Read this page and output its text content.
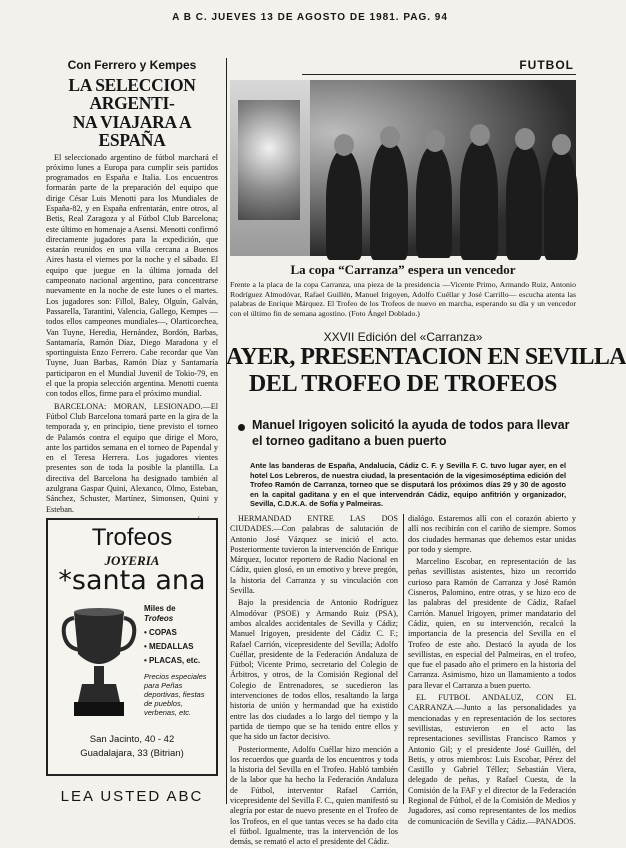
A B C. JUEVES 13 DE AGOSTO DE 1981. PAG. 94
FUTBOL
Con Ferrero y Kempes
LA SELECCION ARGENTI-
NA VIAJARA A ESPAÑA

El seleccionado argentino de fútbol marchará el próximo lunes a Europa para cumplir seis partidos programados en España e Italia. Los encuentros formarán parte de la preparación del equipo que dirige César Luis Menotti para los Mundiales de España-82, y en España enfrentarán, entre otros, al Betis, Real Zaragoza y al Fútbol Club Barcelona; este último en homenaje a Asensi. Menotti confirmó directamente jugadores para la expedición, que estarán reunidos en una villa cercana a Buenos Aires hasta el viernes por la noche y el sábado. El equipo que juegue en la última jornada del campeonato nacional argentino, para concentrarse nuevamente en la noche de este lunes o el martes. Los jugadores son: Fillol, Baley, Olguín, Galván, Passarella, Tarantini, Valencia, Gallego, Kempes —todos ellos campeones mundiales—, Olarticoechea, Van Tuyne, Heredia, Hernández, Bordón, Barbas, Santamaría, Ramón Díaz, Diego Maradona y el sportinguista Enzo Ferrero. Cabe recordar que Van Tuyne, Juan Barbas, Ramón Díaz y Santamaría participaron en el Mundial Juvenil de Tokio-79, en el que la propia selección argentina. Menotti cuenta con todos ellos, firme para el próximo mundial.

BARCELONA: MORAN, LESIONADO.—El Fútbol Club Barcelona tomará parte en la gira de la temporada y, en principio, tiene previsto el torneo de Palamós contra el equipo que dirige el Moro, ante los partidos semana en el torneo de Papendal y en el Teresa Herrera. Los jugadores vientes presentes son de toda la posible la plantilla. La directiva del Barcelona ha designado también al azulgrana Gaspar Quini, Alexanco, Olmo, Esteban, Sánchez, Schuster, Martínez, Simonsen, Quini y Esteban.

Trofeos
JOYERIA
*santa ana
Miles de
Trofeos
• COPAS
• MEDALLAS
• PLACAS, etc.
Precios especiales para Peñas deportivas, fiestas de pueblos, verbenas, etc.
San Jacinto, 40 - 42
Guadalajara, 33 (Bitrian)
LEA USTED ABC
La copa “Carranza” espera un vencedor
Frente a la placa de la copa Carranza, una pieza de la presidencia —Vicente Primo, Armando Ruiz, Antonio Rodríguez Almodóvar, Rafael Guillén, Manuel Irigoyen, Adolfo Cuéllar y José Carrillo— escucha atenta las palabras de Enrique Márquez. El Trofeo de los Trofeos de nuevo en marcha, esperando su día y un vencedor con el último fin de semana agostino. (Foto Ángel Doblado.)
XXVII Edición del «Carranza»
AYER, PRESENTACION EN SEVILLA
DEL TROFEO DE TROFEOS
Manuel Irigoyen solicitó la ayuda de todos para llevar el torneo gaditano a buen puerto
Ante las banderas de España, Andalucía, Cádiz C. F. y Sevilla F. C. tuvo lugar ayer, en el hotel Los Lebreros, de nuestra ciudad, la presentación de la vigesimoséptima edición del Trofeo Ramón de Carranza, torneo que se disputará los próximos días 29 y 30 de agosto en la capital gaditana y en el que intervendrán Cádiz, equipo anfitrión y organizador, Sevilla, C.D.K.A. de Sofía y Palmeiras.

HERMANDAD ENTRE LAS DOS CIUDADES.—Con palabras de salutación de Antonio José Vázquez se inició el acto. Posteriormente tuvieron la intervención de Enrique Márquez, locutor reportero de Radio Nacional en Cádiz, quien glosó, en un emotivo y breve pregón, la historia del Carranza y su vinculación con Sevilla.

Bajo la presidencia de Antonio Rodríguez Almodóvar (PSOE) y Armando Ruiz (PSA), ambos alcaldes accidentales de Sevilla y Cádiz; Manuel Irigoyen, presidente del Cádiz C. F.; Rafael Carrión, vicepresidente del Sevilla; Adolfo Cuéllar, presidente de la Federación Andaluza de Fútbol; Vicente Primo, secretario del Colegio de Árbitros, y otros, de la Comisión Regional del Colegio de Entrenadores, se sucedieron las intervenciones de todos ellos, resaltando la larga historia de unión y hermandad que ha existido entre las dos ciudades a lo largo del tiempo y la partida de tiempo que se ha tenido entre ellos y que ha sido un factor decisivo.

Posteriormente, Adolfo Cuéllar hizo mención a los recuerdos que guarda de los encuentros y toda la historia del Sevilla en el Trofeo. Habló también de la labor que ha hecho la Federación Andaluza de Fútbol, interventor Rafael Carrión, vicepresidente del Sevilla F. C., quien manifestó su alegría por estar de nuevo presente en el Trofeo de los Trofeos, en el que tantas veces se ha dado cita el fútbol. Igualmente, tras la intervención de los demás, se remató el acto el presidente del Cádiz.

dialógo. Estaremos allí con el corazón abierto y allí nos recibirán con el cariño de siempre. Somos dos ciudades hermanas que debemos estar unidas por todo y siempre.

Marcelino Escobar, en representación de las peñas sevillistas asistentes, hizo un recorrido curioso para Ramón de Carranza y José Ramón Cisneros, Palomino, entre otras, y se hizo eco de las palabras del presidente de Cádiz, Rafael Carrión. Manuel Irigoyen, primer mandatario del Cádiz, quien, en su intervención, recalcó la importancia de la presencia del Sevilla en el Trofeo de este año. Destacó la ayuda de los sevillistas, en especial del Palmeiras, en el trofeo, que fue el pasado año el primero en la historia del Carranza. Asimismo, hizo un llamamiento a todos para llevar el Carranza a buen puerto.

EL FUTBOL ANDALUZ, CON EL CARRANZA.—Junto a las personalidades ya mencionadas y en representación de los sectores sevillistas, estuvieron en el acto las representaciones sevillistas Francisco Ramos y Antonio Gil; y el presidente José Guillén, del Betis, y otros miembros: Luis Escobar, Pérez del Castillo y Gabriel Téllez; Sebastián Viera, delegado de peñas, y Rafael Cuesta, de la Comisión de la FAF y el director de la Federación Regional de Fútbol, el de la Comisión de Medios y Jugadores, así como representantes de los medios de comunicación de Sevilla y Cádiz.—PANADOS.
